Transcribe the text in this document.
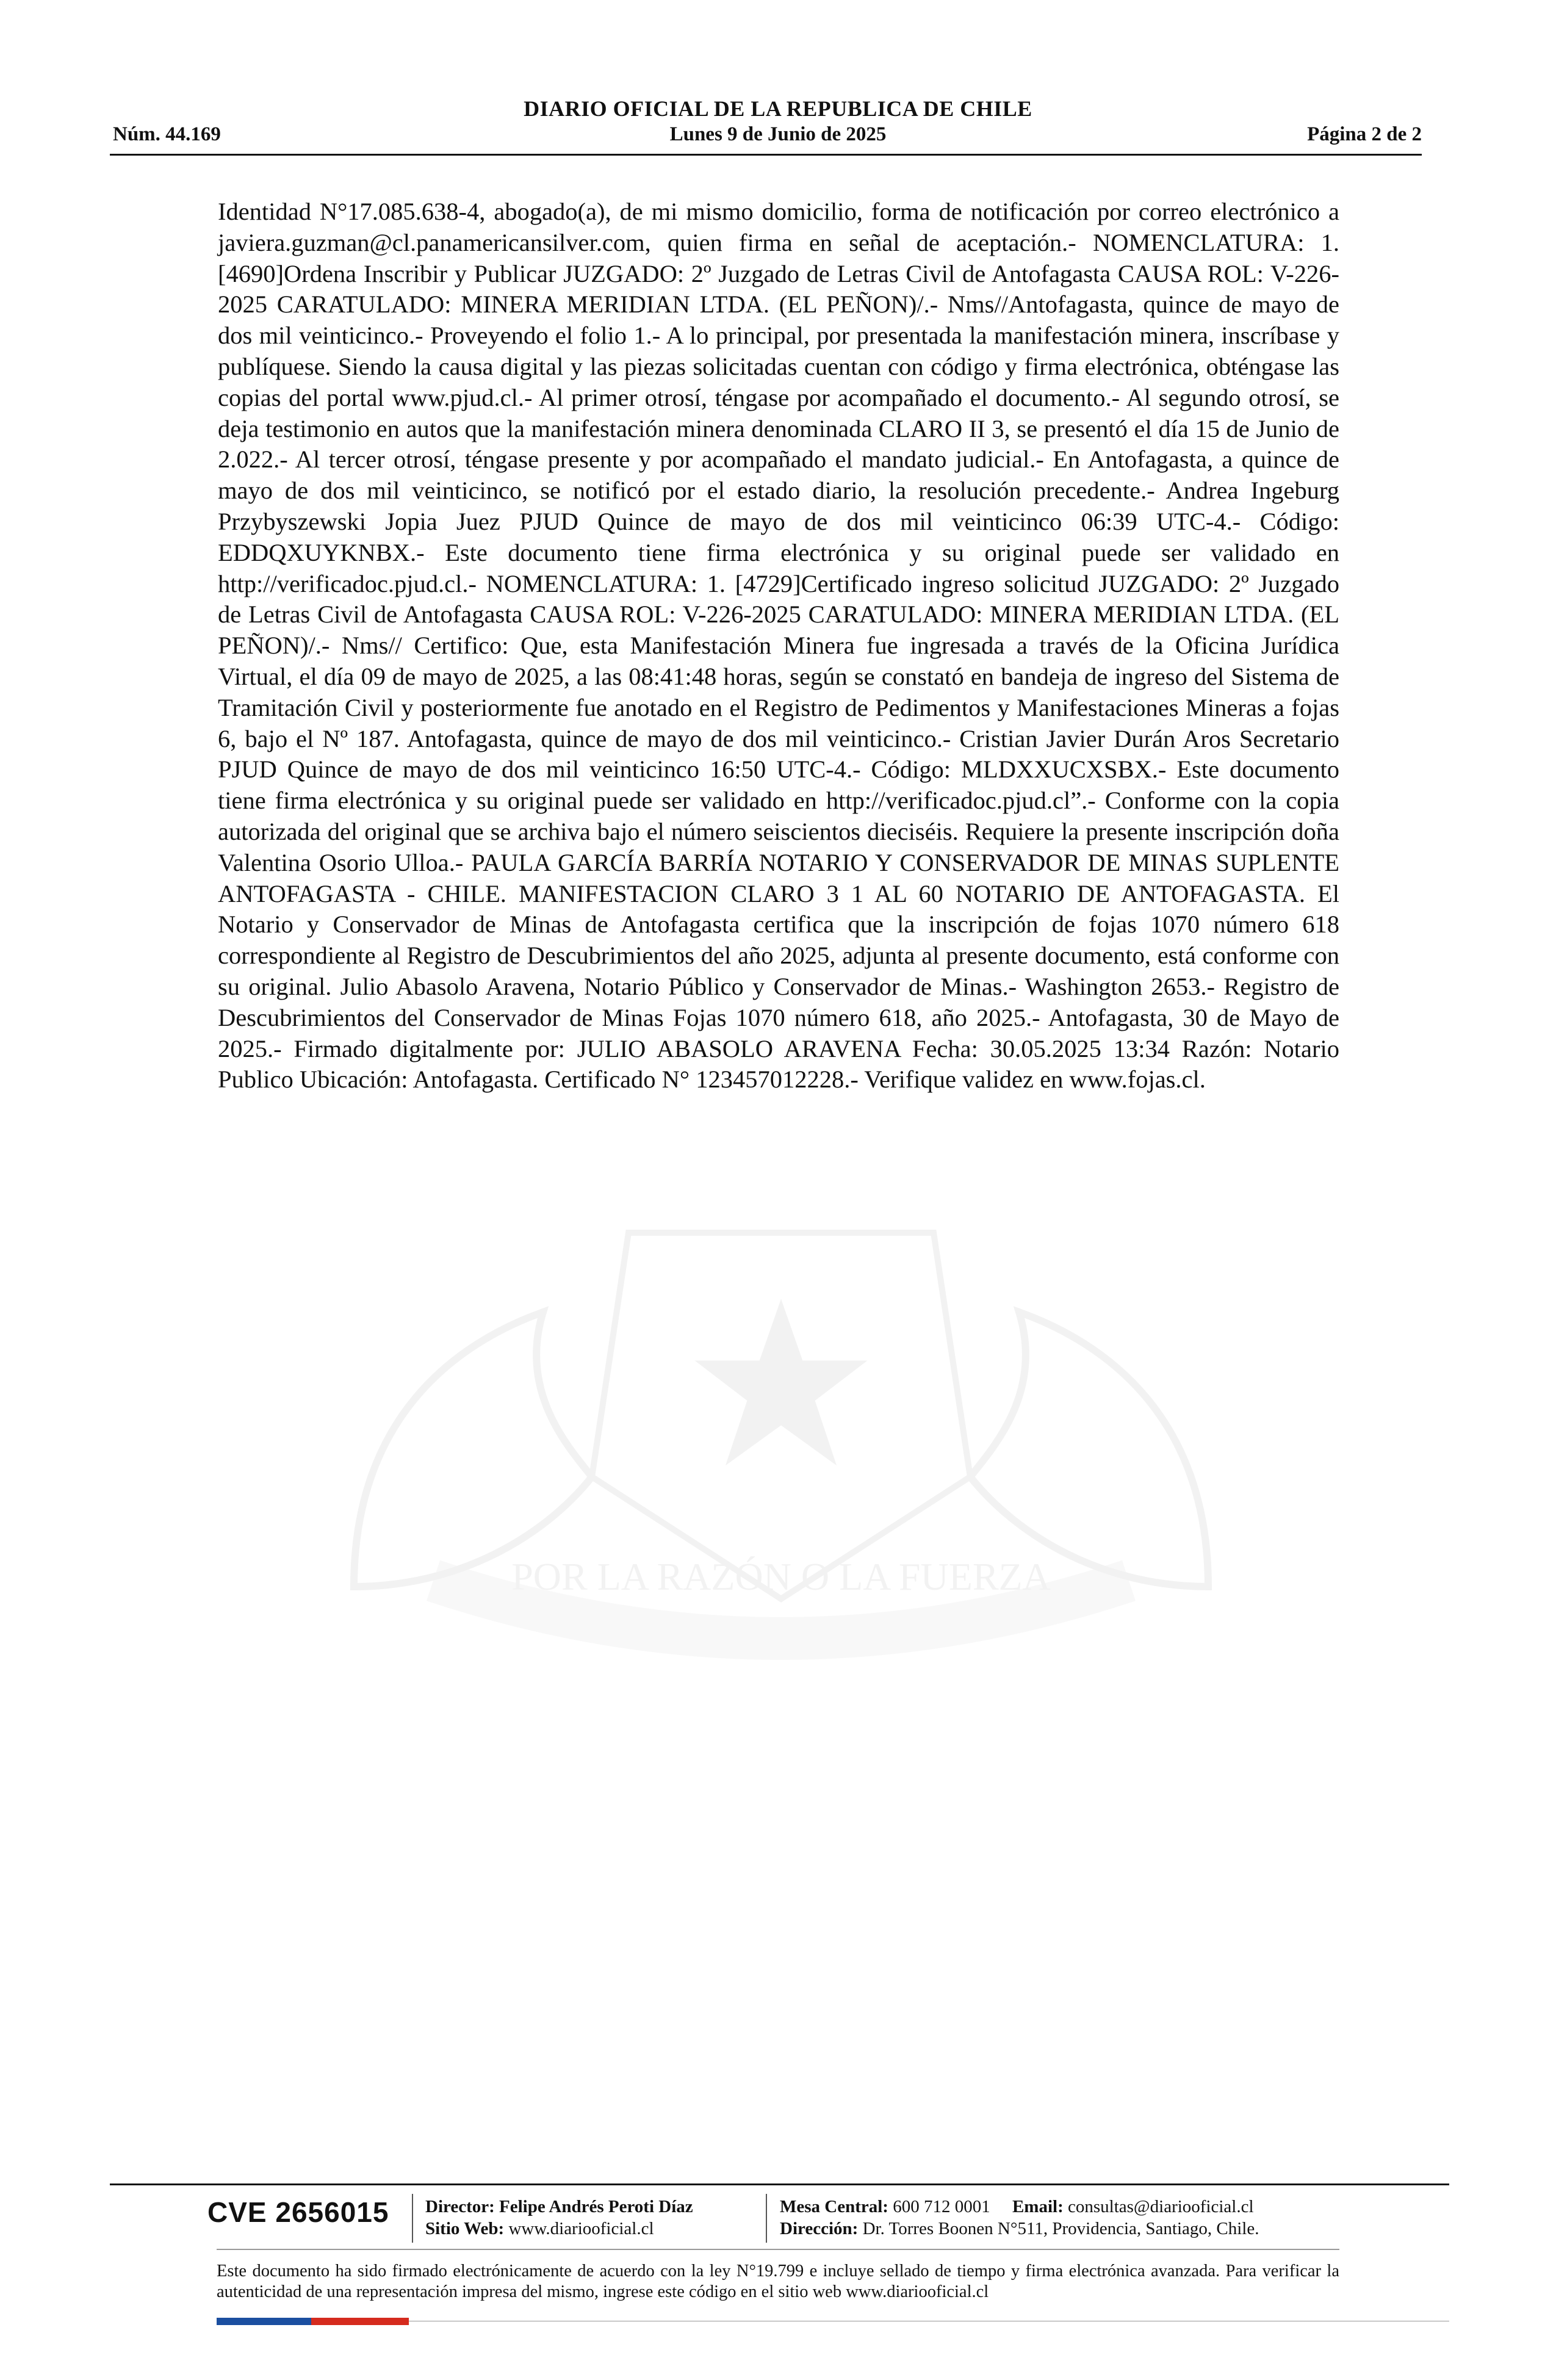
DIARIO OFICIAL DE LA REPUBLICA DE CHILE
Núm. 44.169	Lunes 9 de Junio de 2025	Página 2 de 2
POR LA RAZÓN O LA FUERZA
Identidad N°17.085.638-4, abogado(a), de mi mismo domicilio, forma de notificación por correo electrónico a javiera.guzman@cl.panamericansilver.com, quien firma en señal de aceptación.- NOMENCLATURA: 1. [4690]Ordena Inscribir y Publicar JUZGADO: 2º Juzgado de Letras Civil de Antofagasta CAUSA ROL: V-226-2025 CARATULADO: MINERA MERIDIAN LTDA. (EL PEÑON)/.- Nms//Antofagasta, quince de mayo de dos mil veinticinco.- Proveyendo el folio 1.- A lo principal, por presentada la manifestación minera, inscríbase y publíquese. Siendo la causa digital y las piezas solicitadas cuentan con código y firma electrónica, obténgase las copias del portal www.pjud.cl.- Al primer otrosí, téngase por acompañado el documento.- Al segundo otrosí, se deja testimonio en autos que la manifestación minera denominada CLARO II 3, se presentó el día 15 de Junio de 2.022.- Al tercer otrosí, téngase presente y por acompañado el mandato judicial.- En Antofagasta, a quince de mayo de dos mil veinticinco, se notificó por el estado diario, la resolución precedente.- Andrea Ingeburg Przybyszewski Jopia Juez PJUD Quince de mayo de dos mil veinticinco 06:39 UTC-4.- Código: EDDQXUYKNBX.- Este documento tiene firma electrónica y su original puede ser validado en http://verificadoc.pjud.cl.- NOMENCLATURA: 1. [4729]Certificado ingreso solicitud JUZGADO: 2º Juzgado de Letras Civil de Antofagasta CAUSA ROL: V-226-2025 CARATULADO: MINERA MERIDIAN LTDA. (EL PEÑON)/.- Nms// Certifico: Que, esta Manifestación Minera fue ingresada a través de la Oficina Jurídica Virtual, el día 09 de mayo de 2025, a las 08:41:48 horas, según se constató en bandeja de ingreso del Sistema de Tramitación Civil y posteriormente fue anotado en el Registro de Pedimentos y Manifestaciones Mineras a fojas 6, bajo el Nº 187. Antofagasta, quince de mayo de dos mil veinticinco.- Cristian Javier Durán Aros Secretario PJUD Quince de mayo de dos mil veinticinco 16:50 UTC-4.- Código: MLDXXUCXSBX.- Este documento tiene firma electrónica y su original puede ser validado en http://verificadoc.pjud.cl”.- Conforme con la copia autorizada del original que se archiva bajo el número seiscientos dieciséis. Requiere la presente inscripción doña Valentina Osorio Ulloa.- PAULA GARCÍA BARRÍA NOTARIO Y CONSERVADOR DE MINAS SUPLENTE ANTOFAGASTA - CHILE. MANIFESTACION CLARO 3 1 AL 60 NOTARIO DE ANTOFAGASTA. El Notario y Conservador de Minas de Antofagasta certifica que la inscripción de fojas 1070 número 618 correspondiente al Registro de Descubrimientos del año 2025, adjunta al presente documento, está conforme con su original. Julio Abasolo Aravena, Notario Público y Conservador de Minas.- Washington 2653.- Registro de Descubrimientos del Conservador de Minas Fojas 1070 número 618, año 2025.- Antofagasta, 30 de Mayo de 2025.- Firmado digitalmente por: JULIO ABASOLO ARAVENA Fecha: 30.05.2025 13:34 Razón: Notario Publico Ubicación: Antofagasta. Certificado N° 123457012228.- Verifique validez en www.fojas.cl.
CVE 2656015 Director: Felipe Andrés Peroti Díaz
Sitio Web: www.diariooficial.cl
Mesa Central: 600 712 0001 Email: consultas@diariooficial.cl
Dirección: Dr. Torres Boonen N°511, Providencia, Santiago, Chile.
Este documento ha sido firmado electrónicamente de acuerdo con la ley N°19.799 e incluye sellado de tiempo y firma electrónica avanzada. Para verificar la autenticidad de una representación impresa del mismo, ingrese este código en el sitio web www.diariooficial.cl
